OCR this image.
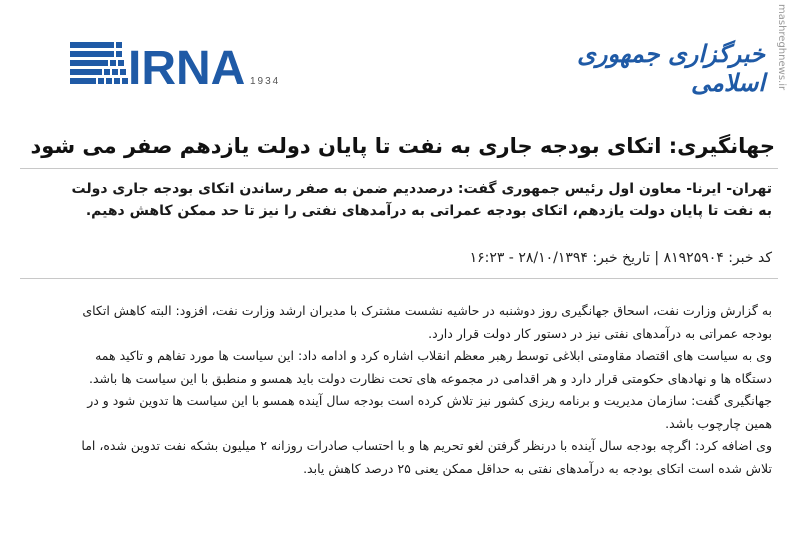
IRNA 1934
خبرگزاری جمهوری اسلامی	mashreghnews.ir
جهانگیری: اتکای بودجه جاری به نفت تا پایان دولت یازدهم صفر می شود
تهران- ایرنا- معاون اول رئیس جمهوری گفت: درصددیم ضمن به صفر رساندن اتکای بودجه جاری دولت به نفت تا پایان دولت یازدهم، اتکای بودجه عمراتی به درآمدهای نفتی را نیز تا حد ممکن کاهش دهیم.
کد خبر: ۸۱۹۲۵۹۰۴ | تاریخ خبر: ۲۸/۱۰/۱۳۹۴ - ۱۶:۲۳

به گزارش وزارت نفت، اسحاق جهانگیری روز دوشنبه در حاشیه نشست مشترک با مدیران ارشد وزارت نفت، افزود: البته کاهش اتکای بودجه عمراتی به درآمدهای نفتی نیز در دستور کار دولت قرار دارد.

وی به سیاست های اقتصاد مقاومتی ابلاغی توسط رهبر معظم انقلاب اشاره کرد و ادامه داد: این سیاست ها مورد تفاهم و تاکید همه دستگاه ها و نهادهای حکومتی قرار دارد و هر اقدامی در مجموعه های تحت نظارت دولت باید همسو و منطبق با این سیاست ها باشد.

جهانگیری گفت: سازمان مدیریت و برنامه ریزی کشور نیز تلاش کرده است بودجه سال آینده همسو با این سیاست ها تدوین شود و در همین چارچوب باشد.

وی اضافه کرد: اگرچه بودجه سال آینده با درنظر گرفتن لغو تحریم ها و با احتساب صادرات روزانه ۲ میلیون بشکه نفت تدوین شده، اما تلاش شده است اتکای بودجه به درآمدهای نفتی به حداقل ممکن یعنی ۲۵ درصد کاهش یابد.
